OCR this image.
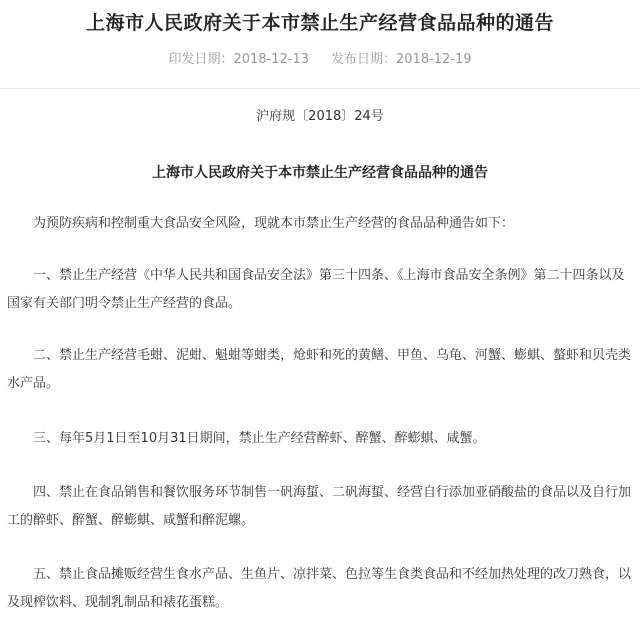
上海市人民政府关于本市禁止生产经营食品品种的通告
印发日期：2018-12-13 发布日期：2018-12-19
沪府规〔2018〕24号
上海市人民政府关于本市禁止生产经营食品品种的通告

为预防疾病和控制重大食品安全风险，现就本市禁止生产经营的食品品种通告如下：

一、禁止生产经营《中华人民共和国食品安全法》第三十四条、《上海市食品安全条例》第二十四条以及国家有关部门明令禁止生产经营的食品。

二、禁止生产经营毛蚶、泥蚶、魁蚶等蚶类，炝虾和死的黄鳝、甲鱼、乌龟、河蟹、蟛蜞、螯虾和贝壳类水产品。

三、每年5月1日至10月31日期间，禁止生产经营醉虾、醉蟹、醉蟛蜞、咸蟹。

四、禁止在食品销售和餐饮服务环节制售一矾海蜇、二矾海蜇、经营自行添加亚硝酸盐的食品以及自行加工的醉虾、醉蟹、醉蟛蜞、咸蟹和醉泥螺。

五、禁止食品摊贩经营生食水产品、生鱼片、凉拌菜、色拉等生食类食品和不经加热处理的改刀熟食，以及现榨饮料、现制乳制品和裱花蛋糕。
